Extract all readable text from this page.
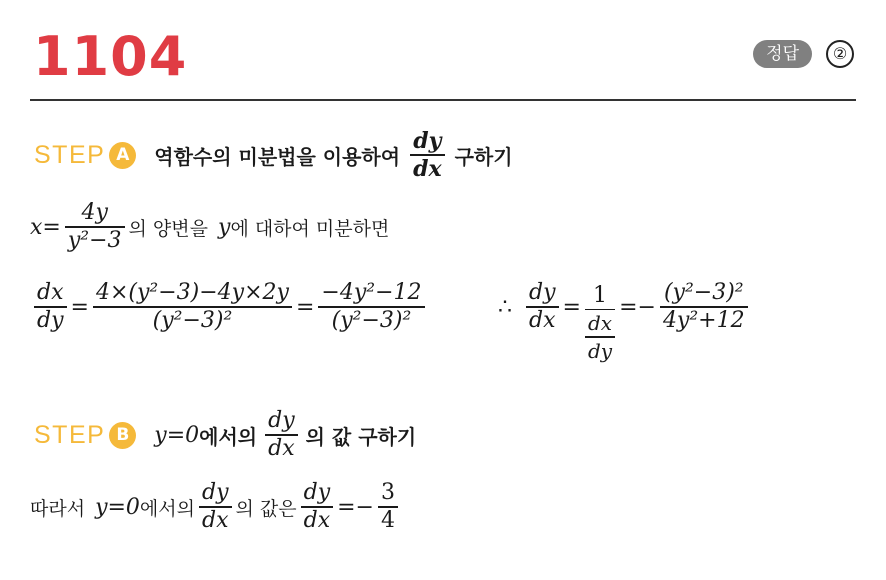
1104	정답	②
STEP A	역함수의 미분법을 이용하여 $\frac{dy}{dx}$ 구하기
$x= \frac{4y}{\text{y²−3}}$ 의 양변을 y 에 대하여 미분하면
$\frac{dx}{dy} = \frac{\text{4×(y²−3)−4y×2y}}{\text{(y²−3)²}} = \frac{\text{−4y²−12}}{\text{(y²−3)²}}$	∴ $\frac{dy}{dx} = \frac{1}{\frac{dx}{dy}} =- \frac{\text{(y²−3)²}}{\text{4y²+12}}$
STEP B	y=0 에서의 $\frac{dy}{dx}$ 의 값 구하기
따라서 y=0 에서의 $\frac{dy}{dx}$ 의 값은 $\frac{dy}{dx} =- \frac{3}{4}$
